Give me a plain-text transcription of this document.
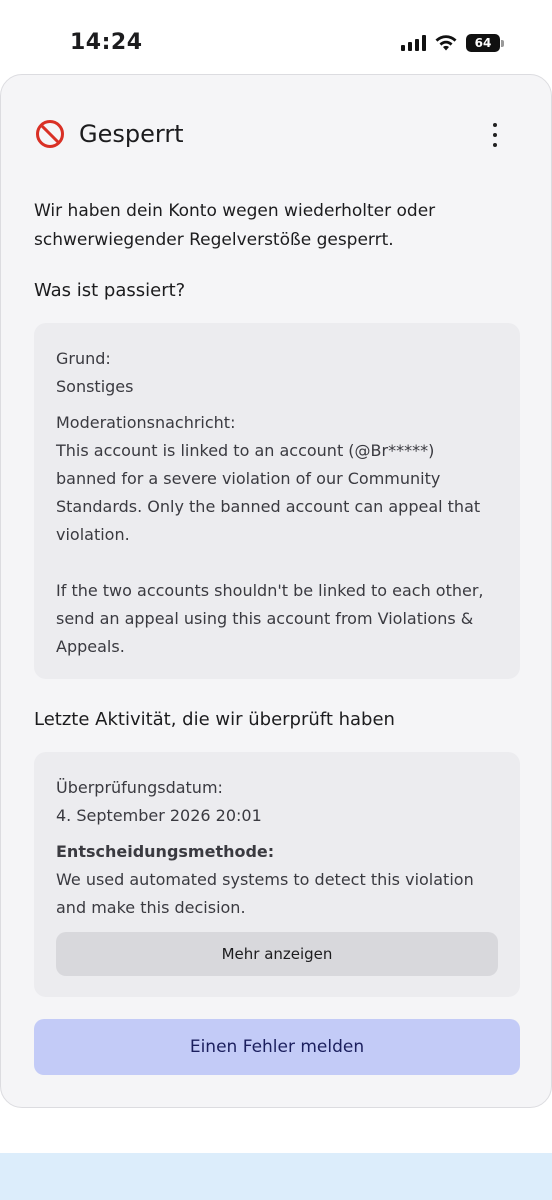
14:24	64
Gesperrt
Wir haben dein Konto wegen wiederholter oder schwerwiegender Regelverstöße gesperrt.
Was ist passiert?

Grund:

Sonstiges

Moderationsnachricht:

This account is linked to an account (@Br*****) banned for a severe violation of our Community Standards. Only the banned account can appeal that violation.

If the two accounts shouldn't be linked to each other, send an appeal using this account from Violations & Appeals.

Letzte Aktivität, die wir überprüft haben

Überprüfungsdatum:

4. September 2026 20:01

Entscheidungsmethode:

We used automated systems to detect this violation and make this decision.

Mehr anzeigen
Einen Fehler melden
